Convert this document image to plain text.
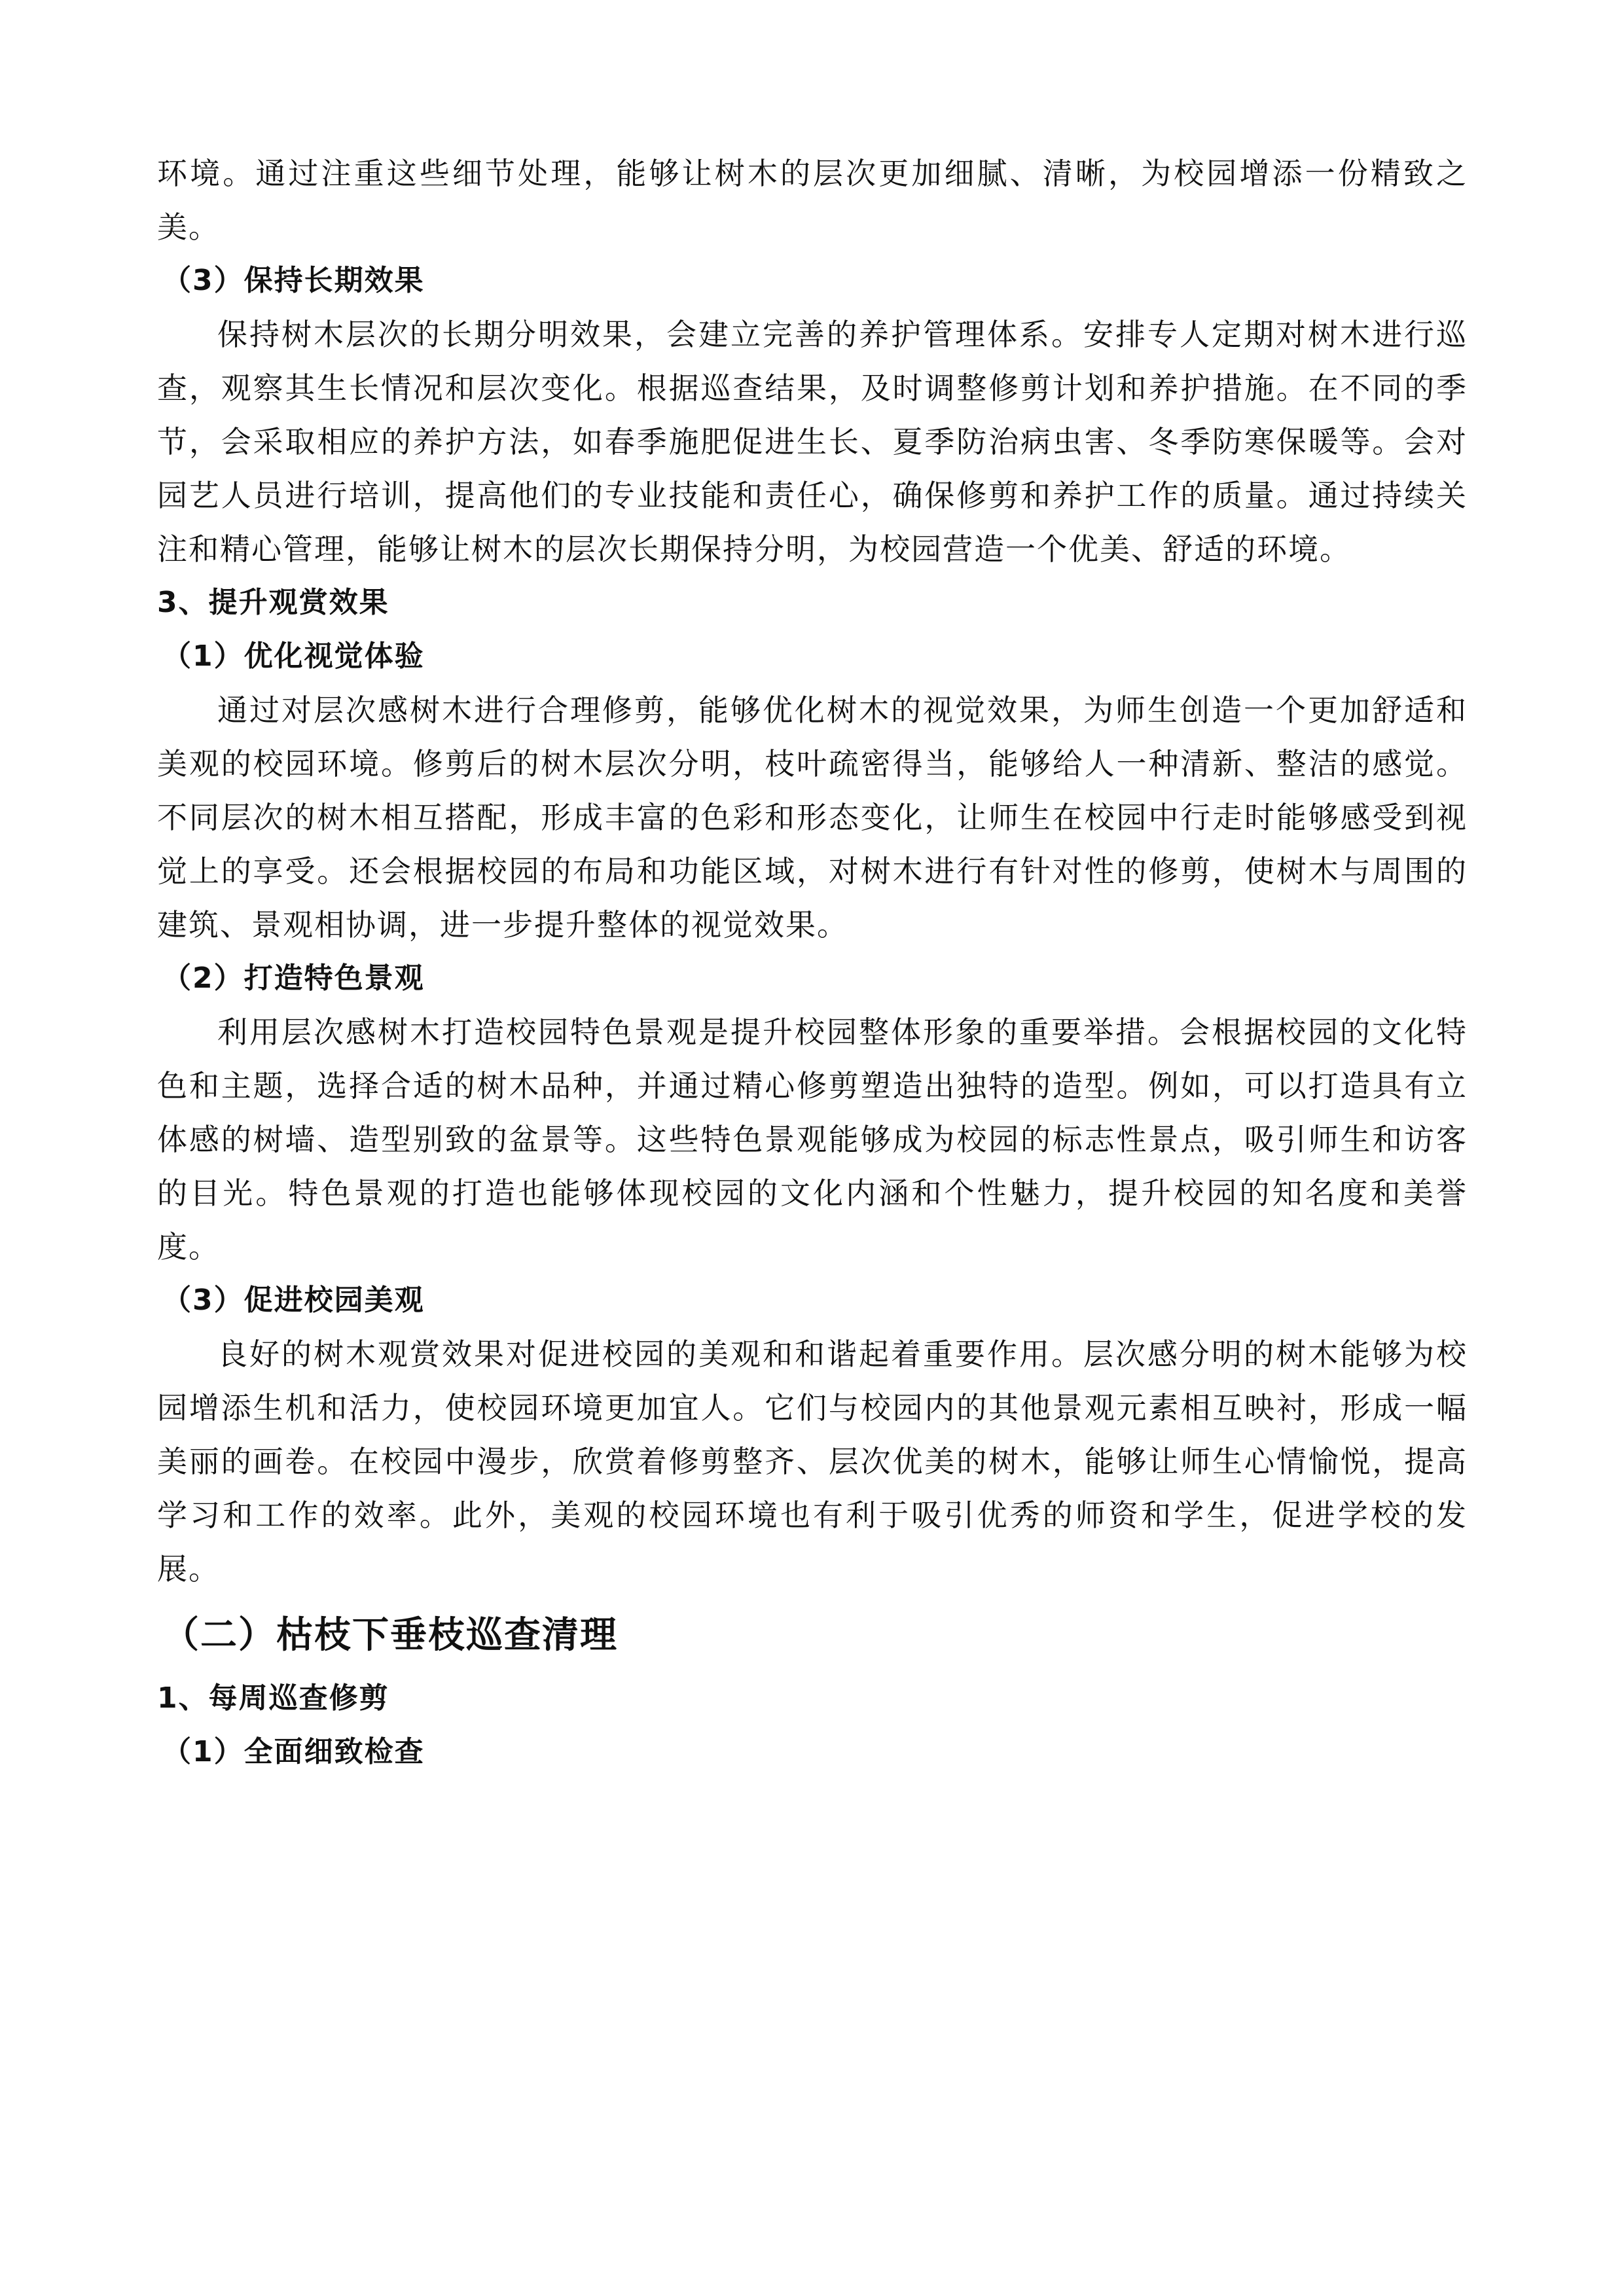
环境。通过注重这些细节处理，能够让树木的层次更加细腻、清晰，为校园增添一份精致之美。

（3）保持长期效果

保持树木层次的长期分明效果，会建立完善的养护管理体系。安排专人定期对树木进行巡查，观察其生长情况和层次变化。根据巡查结果，及时调整修剪计划和养护措施。在不同的季节，会采取相应的养护方法，如春季施肥促进生长、夏季防治病虫害、冬季防寒保暖等。会对园艺人员进行培训，提高他们的专业技能和责任心，确保修剪和养护工作的质量。通过持续关注和精心管理，能够让树木的层次长期保持分明，为校园营造一个优美、舒适的环境。

3、提升观赏效果

（1）优化视觉体验

通过对层次感树木进行合理修剪，能够优化树木的视觉效果，为师生创造一个更加舒适和美观的校园环境。修剪后的树木层次分明，枝叶疏密得当，能够给人一种清新、整洁的感觉。不同层次的树木相互搭配，形成丰富的色彩和形态变化，让师生在校园中行走时能够感受到视觉上的享受。还会根据校园的布局和功能区域，对树木进行有针对性的修剪，使树木与周围的建筑、景观相协调，进一步提升整体的视觉效果。

（2）打造特色景观

利用层次感树木打造校园特色景观是提升校园整体形象的重要举措。会根据校园的文化特色和主题，选择合适的树木品种，并通过精心修剪塑造出独特的造型。例如，可以打造具有立体感的树墙、造型别致的盆景等。这些特色景观能够成为校园的标志性景点，吸引师生和访客的目光。特色景观的打造也能够体现校园的文化内涵和个性魅力，提升校园的知名度和美誉度。

（3）促进校园美观

良好的树木观赏效果对促进校园的美观和和谐起着重要作用。层次感分明的树木能够为校园增添生机和活力，使校园环境更加宜人。它们与校园内的其他景观元素相互映衬，形成一幅美丽的画卷。在校园中漫步，欣赏着修剪整齐、层次优美的树木，能够让师生心情愉悦，提高学习和工作的效率。此外，美观的校园环境也有利于吸引优秀的师资和学生，促进学校的发展。

（二）枯枝下垂枝巡查清理

1、每周巡查修剪

（1）全面细致检查
